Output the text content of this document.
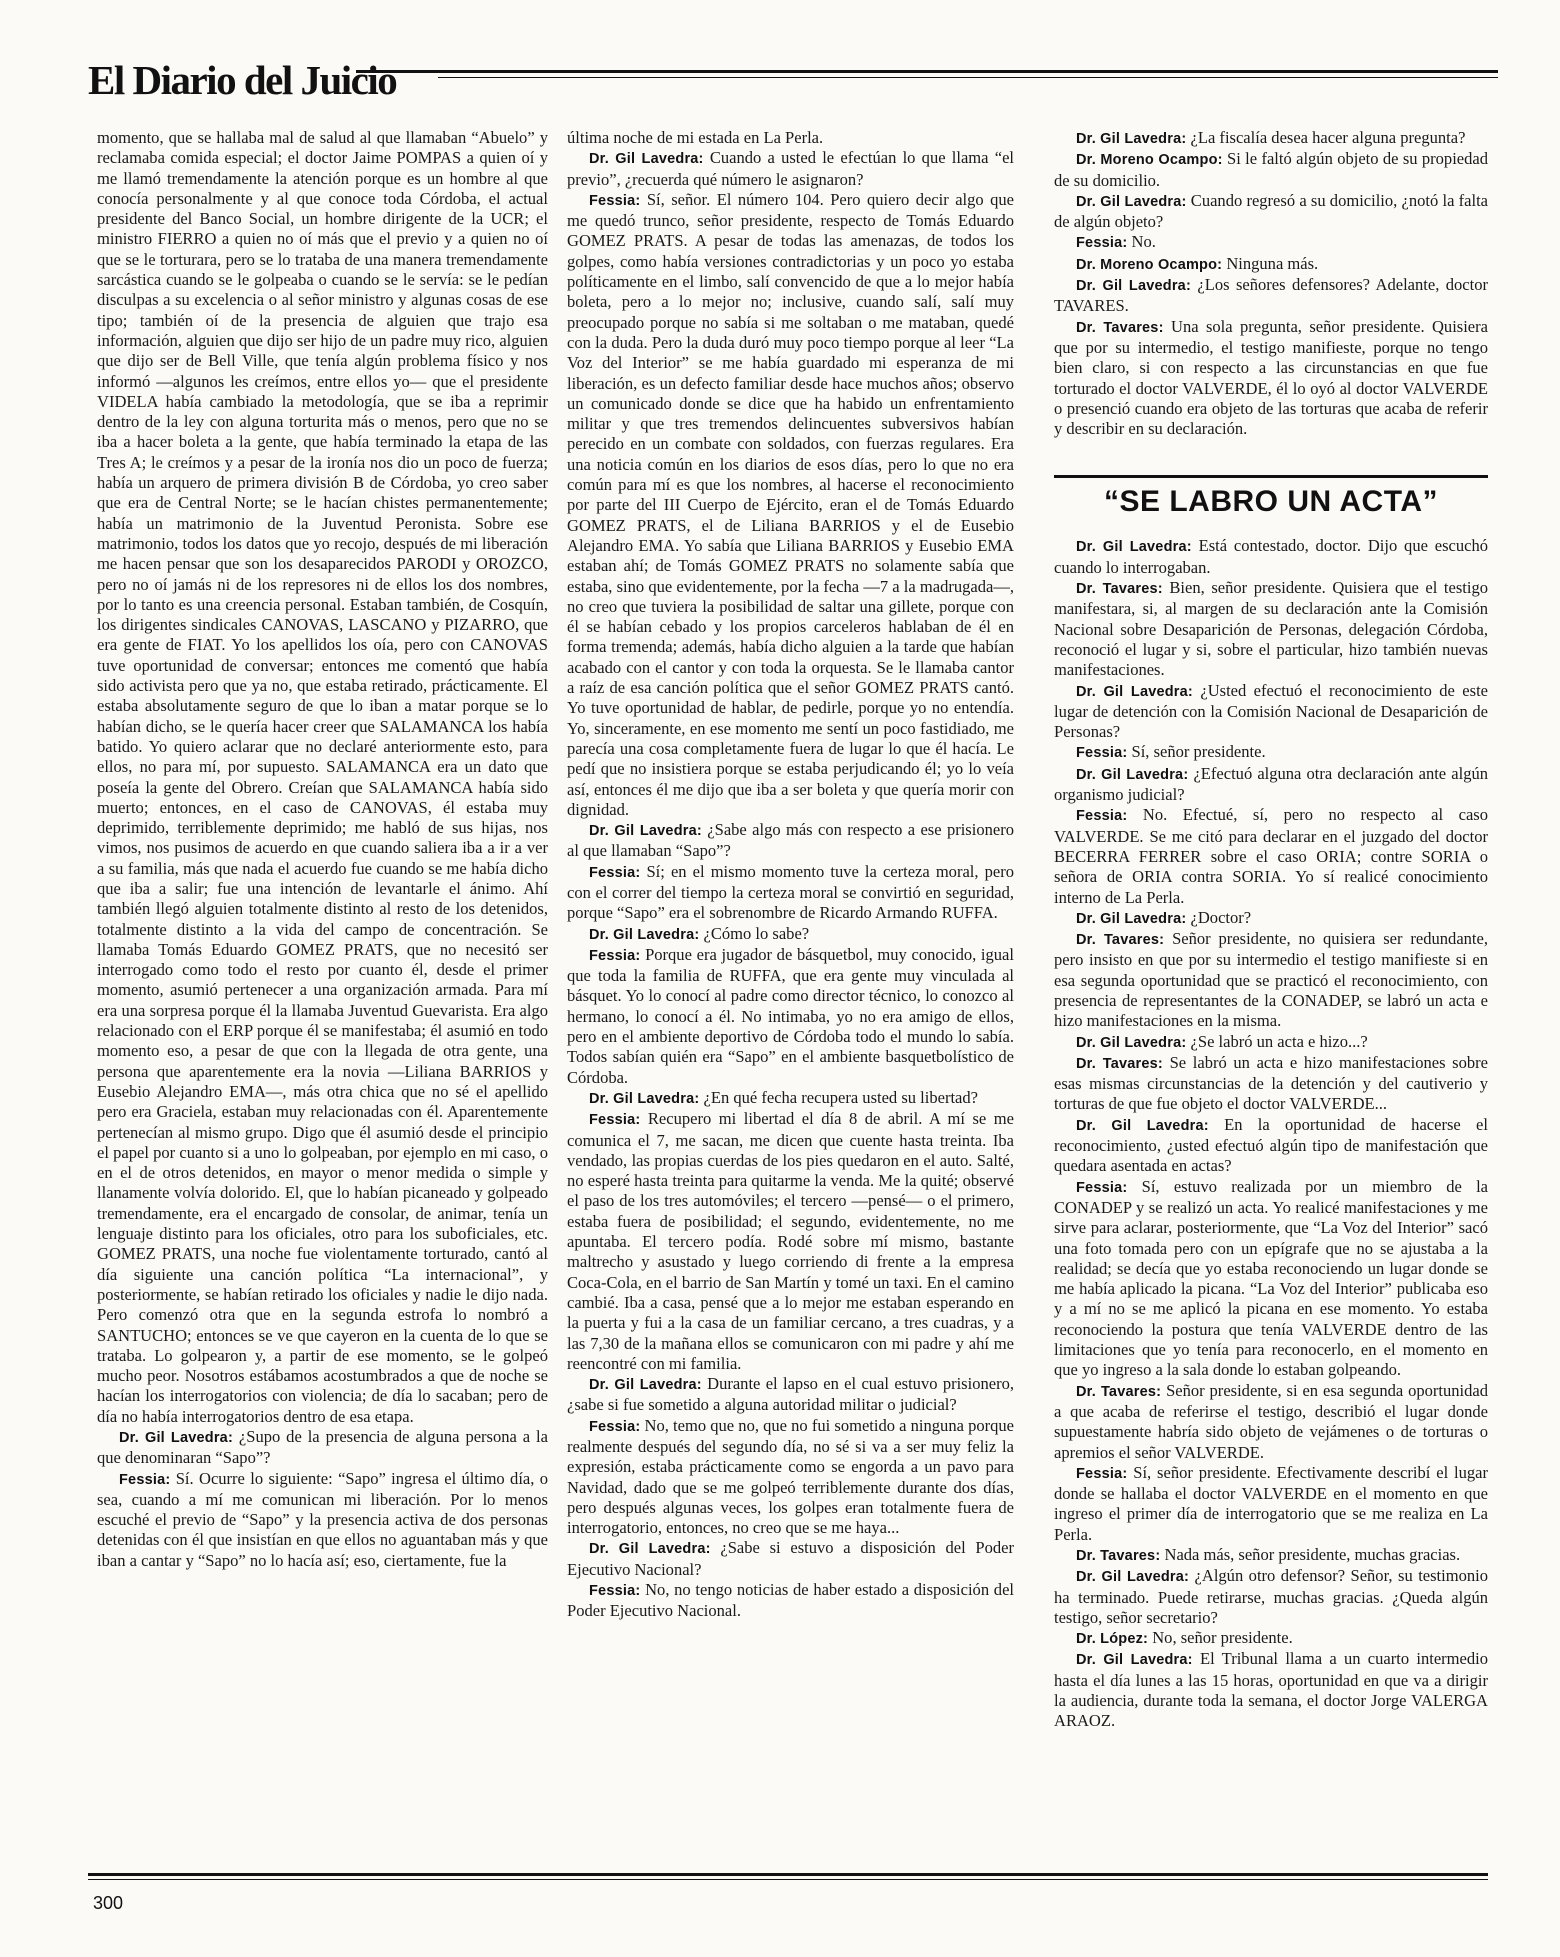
El Diario del Juicio

momento, que se hallaba mal de salud al que llamaban “Abuelo” y reclamaba comida especial; el doctor Jaime POMPAS a quien oí y me llamó tremendamente la atención porque es un hombre al que conocía personalmente y al que conoce toda Córdoba, el actual presidente del Banco Social, un hombre dirigente de la UCR; el ministro FIERRO a quien no oí más que el previo y a quien no oí que se le torturara, pero se lo trataba de una manera tremendamente sarcástica cuando se le golpeaba o cuando se le servía: se le pedían disculpas a su excelencia o al señor ministro y algunas cosas de ese tipo; también oí de la presencia de alguien que trajo esa información, alguien que dijo ser hijo de un padre muy rico, alguien que dijo ser de Bell Ville, que tenía algún problema físico y nos informó —algunos les creímos, entre ellos yo— que el presidente VIDELA había cambiado la metodología, que se iba a reprimir dentro de la ley con alguna torturita más o menos, pero que no se iba a hacer boleta a la gente, que había terminado la etapa de las Tres A; le creímos y a pesar de la ironía nos dio un poco de fuerza; había un arquero de primera división B de Córdoba, yo creo saber que era de Central Norte; se le hacían chistes permanentemente; había un matrimonio de la Juventud Peronista. Sobre ese matrimonio, todos los datos que yo recojo, después de mi liberación me hacen pensar que son los desaparecidos PARODI y OROZCO, pero no oí jamás ni de los represores ni de ellos los dos nombres, por lo tanto es una creencia personal. Estaban también, de Cosquín, los dirigentes sindicales CANOVAS, LASCANO y PIZARRO, que era gente de FIAT. Yo los apellidos los oía, pero con CANOVAS tuve oportunidad de conversar; entonces me comentó que había sido activista pero que ya no, que estaba retirado, prácticamente. El estaba absolutamente seguro de que lo iban a matar porque se lo habían dicho, se le quería hacer creer que SALAMANCA los había batido. Yo quiero aclarar que no declaré anteriormente esto, para ellos, no para mí, por supuesto. SALAMANCA era un dato que poseía la gente del Obrero. Creían que SALAMANCA había sido muerto; entonces, en el caso de CANOVAS, él estaba muy deprimido, terriblemente deprimido; me habló de sus hijas, nos vimos, nos pusimos de acuerdo en que cuando saliera iba a ir a ver a su familia, más que nada el acuerdo fue cuando se me había dicho que iba a salir; fue una intención de levantarle el ánimo. Ahí también llegó alguien totalmente distinto al resto de los detenidos, totalmente distinto a la vida del campo de concentración. Se llamaba Tomás Eduardo GOMEZ PRATS, que no necesitó ser interrogado como todo el resto por cuanto él, desde el primer momento, asumió pertenecer a una organización armada. Para mí era una sorpresa porque él la llamaba Juventud Guevarista. Era algo relacionado con el ERP porque él se manifestaba; él asumió en todo momento eso, a pesar de que con la llegada de otra gente, una persona que aparentemente era la novia —Liliana BARRIOS y Eusebio Alejandro EMA—, más otra chica que no sé el apellido pero era Graciela, estaban muy relacionadas con él. Aparentemente pertenecían al mismo grupo. Digo que él asumió desde el principio el papel por cuanto si a uno lo golpeaban, por ejemplo en mi caso, o en el de otros detenidos, en mayor o menor medida o simple y llanamente volvía dolorido. El, que lo habían picaneado y golpeado tremendamente, era el encargado de consolar, de animar, tenía un lenguaje distinto para los oficiales, otro para los suboficiales, etc. GOMEZ PRATS, una noche fue violentamente torturado, cantó al día siguiente una canción política “La internacional”, y posteriormente, se habían retirado los oficiales y nadie le dijo nada. Pero comenzó otra que en la segunda estrofa lo nombró a SANTUCHO; entonces se ve que cayeron en la cuenta de lo que se trataba. Lo golpearon y, a partir de ese momento, se le golpeó mucho peor. Nosotros estábamos acostumbrados a que de noche se hacían los interrogatorios con violencia; de día lo sacaban; pero de día no había interrogatorios dentro de esa etapa.

Dr. Gil Lavedra: ¿Supo de la presencia de alguna persona a la que denominaran “Sapo”?

Fessia: Sí. Ocurre lo siguiente: “Sapo” ingresa el último día, o sea, cuando a mí me comunican mi liberación. Por lo menos escuché el previo de “Sapo” y la presencia activa de dos personas detenidas con él que insistían en que ellos no aguantaban más y que iban a cantar y “Sapo” no lo hacía así; eso, ciertamente, fue la

última noche de mi estada en La Perla.

Dr. Gil Lavedra: Cuando a usted le efectúan lo que llama “el previo”, ¿recuerda qué número le asignaron?

Fessia: Sí, señor. El número 104. Pero quiero decir algo que me quedó trunco, señor presidente, respecto de Tomás Eduardo GOMEZ PRATS. A pesar de todas las amenazas, de todos los golpes, como había versiones contradictorias y un poco yo estaba políticamente en el limbo, salí convencido de que a lo mejor había boleta, pero a lo mejor no; inclusive, cuando salí, salí muy preocupado porque no sabía si me soltaban o me mataban, quedé con la duda. Pero la duda duró muy poco tiempo porque al leer “La Voz del Interior” se me había guardado mi esperanza de mi liberación, es un defecto familiar desde hace muchos años; observo un comunicado donde se dice que ha habido un enfrentamiento militar y que tres tremendos delincuentes subversivos habían perecido en un combate con soldados, con fuerzas regulares. Era una noticia común en los diarios de esos días, pero lo que no era común para mí es que los nombres, al hacerse el reconocimiento por parte del III Cuerpo de Ejército, eran el de Tomás Eduardo GOMEZ PRATS, el de Liliana BARRIOS y el de Eusebio Alejandro EMA. Yo sabía que Liliana BARRIOS y Eusebio EMA estaban ahí; de Tomás GOMEZ PRATS no solamente sabía que estaba, sino que evidentemente, por la fecha —7 a la madrugada—, no creo que tuviera la posibilidad de saltar una gillete, porque con él se habían cebado y los propios carceleros hablaban de él en forma tremenda; además, había dicho alguien a la tarde que habían acabado con el cantor y con toda la orquesta. Se le llamaba cantor a raíz de esa canción política que el señor GOMEZ PRATS cantó. Yo tuve oportunidad de hablar, de pedirle, porque yo no entendía. Yo, sinceramente, en ese momento me sentí un poco fastidiado, me parecía una cosa completamente fuera de lugar lo que él hacía. Le pedí que no insistiera porque se estaba perjudicando él; yo lo veía así, entonces él me dijo que iba a ser boleta y que quería morir con dignidad.

Dr. Gil Lavedra: ¿Sabe algo más con respecto a ese prisionero al que llamaban “Sapo”?

Fessia: Sí; en el mismo momento tuve la certeza moral, pero con el correr del tiempo la certeza moral se convirtió en seguridad, porque “Sapo” era el sobrenombre de Ricardo Armando RUFFA.

Dr. Gil Lavedra: ¿Cómo lo sabe?

Fessia: Porque era jugador de básquetbol, muy conocido, igual que toda la familia de RUFFA, que era gente muy vinculada al básquet. Yo lo conocí al padre como director técnico, lo conozco al hermano, lo conocí a él. No intimaba, yo no era amigo de ellos, pero en el ambiente deportivo de Córdoba todo el mundo lo sabía. Todos sabían quién era “Sapo” en el ambiente basquetbolístico de Córdoba.

Dr. Gil Lavedra: ¿En qué fecha recupera usted su libertad?

Fessia: Recupero mi libertad el día 8 de abril. A mí se me comunica el 7, me sacan, me dicen que cuente hasta treinta. Iba vendado, las propias cuerdas de los pies quedaron en el auto. Salté, no esperé hasta treinta para quitarme la venda. Me la quité; observé el paso de los tres automóviles; el tercero —pensé— o el primero, estaba fuera de posibilidad; el segundo, evidentemente, no me apuntaba. El tercero podía. Rodé sobre mí mismo, bastante maltrecho y asustado y luego corriendo di frente a la empresa Coca-Cola, en el barrio de San Martín y tomé un taxi. En el camino cambié. Iba a casa, pensé que a lo mejor me estaban esperando en la puerta y fui a la casa de un familiar cercano, a tres cuadras, y a las 7,30 de la mañana ellos se comunicaron con mi padre y ahí me reencontré con mi familia.

Dr. Gil Lavedra: Durante el lapso en el cual estuvo prisionero, ¿sabe si fue sometido a alguna autoridad militar o judicial?

Fessia: No, temo que no, que no fui sometido a ninguna porque realmente después del segundo día, no sé si va a ser muy feliz la expresión, estaba prácticamente como se engorda a un pavo para Navidad, dado que se me golpeó terriblemente durante dos días, pero después algunas veces, los golpes eran totalmente fuera de interrogatorio, entonces, no creo que se me haya...

Dr. Gil Lavedra: ¿Sabe si estuvo a disposición del Poder Ejecutivo Nacional?

Fessia: No, no tengo noticias de haber estado a disposición del Poder Ejecutivo Nacional.

Dr. Gil Lavedra: ¿La fiscalía desea hacer alguna pregunta?

Dr. Moreno Ocampo: Si le faltó algún objeto de su propiedad de su domicilio.

Dr. Gil Lavedra: Cuando regresó a su domicilio, ¿notó la falta de algún objeto?

Fessia: No.

Dr. Moreno Ocampo: Ninguna más.

Dr. Gil Lavedra: ¿Los señores defensores? Adelante, doctor TAVARES.

Dr. Tavares: Una sola pregunta, señor presidente. Quisiera que por su intermedio, el testigo manifieste, porque no tengo bien claro, si con respecto a las circunstancias en que fue torturado el doctor VALVERDE, él lo oyó al doctor VALVERDE o presenció cuando era objeto de las torturas que acaba de referir y describir en su declaración.

“SE LABRO UN ACTA”

Dr. Gil Lavedra: Está contestado, doctor. Dijo que escuchó cuando lo interrogaban.

Dr. Tavares: Bien, señor presidente. Quisiera que el testigo manifestara, si, al margen de su declaración ante la Comisión Nacional sobre Desaparición de Personas, delegación Córdoba, reconoció el lugar y si, sobre el particular, hizo también nuevas manifestaciones.

Dr. Gil Lavedra: ¿Usted efectuó el reconocimiento de este lugar de detención con la Comisión Nacional de Desaparición de Personas?

Fessia: Sí, señor presidente.

Dr. Gil Lavedra: ¿Efectuó alguna otra declaración ante algún organismo judicial?

Fessia: No. Efectué, sí, pero no respecto al caso VALVERDE. Se me citó para declarar en el juzgado del doctor BECERRA FERRER sobre el caso ORIA; contre SORIA o señora de ORIA contra SORIA. Yo sí realicé conocimiento interno de La Perla.

Dr. Gil Lavedra: ¿Doctor?

Dr. Tavares: Señor presidente, no quisiera ser redundante, pero insisto en que por su intermedio el testigo manifieste si en esa segunda oportunidad que se practicó el reconocimiento, con presencia de representantes de la CONADEP, se labró un acta e hizo manifestaciones en la misma.

Dr. Gil Lavedra: ¿Se labró un acta e hizo...?

Dr. Tavares: Se labró un acta e hizo manifestaciones sobre esas mismas circunstancias de la detención y del cautiverio y torturas de que fue objeto el doctor VALVERDE...

Dr. Gil Lavedra: En la oportunidad de hacerse el reconocimiento, ¿usted efectuó algún tipo de manifestación que quedara asentada en actas?

Fessia: Sí, estuvo realizada por un miembro de la CONADEP y se realizó un acta. Yo realicé manifestaciones y me sirve para aclarar, posteriormente, que “La Voz del Interior” sacó una foto tomada pero con un epígrafe que no se ajustaba a la realidad; se decía que yo estaba reconociendo un lugar donde se me había aplicado la picana. “La Voz del Interior” publicaba eso y a mí no se me aplicó la picana en ese momento. Yo estaba reconociendo la postura que tenía VALVERDE dentro de las limitaciones que yo tenía para reconocerlo, en el momento en que yo ingreso a la sala donde lo estaban golpeando.

Dr. Tavares: Señor presidente, si en esa segunda oportunidad a que acaba de referirse el testigo, describió el lugar donde supuestamente habría sido objeto de vejámenes o de torturas o apremios el señor VALVERDE.

Fessia: Sí, señor presidente. Efectivamente describí el lugar donde se hallaba el doctor VALVERDE en el momento en que ingreso el primer día de interrogatorio que se me realiza en La Perla.

Dr. Tavares: Nada más, señor presidente, muchas gracias.

Dr. Gil Lavedra: ¿Algún otro defensor? Señor, su testimonio ha terminado. Puede retirarse, muchas gracias. ¿Queda algún testigo, señor secretario?

Dr. López: No, señor presidente.

Dr. Gil Lavedra: El Tribunal llama a un cuarto intermedio hasta el día lunes a las 15 horas, oportunidad en que va a dirigir la audiencia, durante toda la semana, el doctor Jorge VALERGA ARAOZ.

300
